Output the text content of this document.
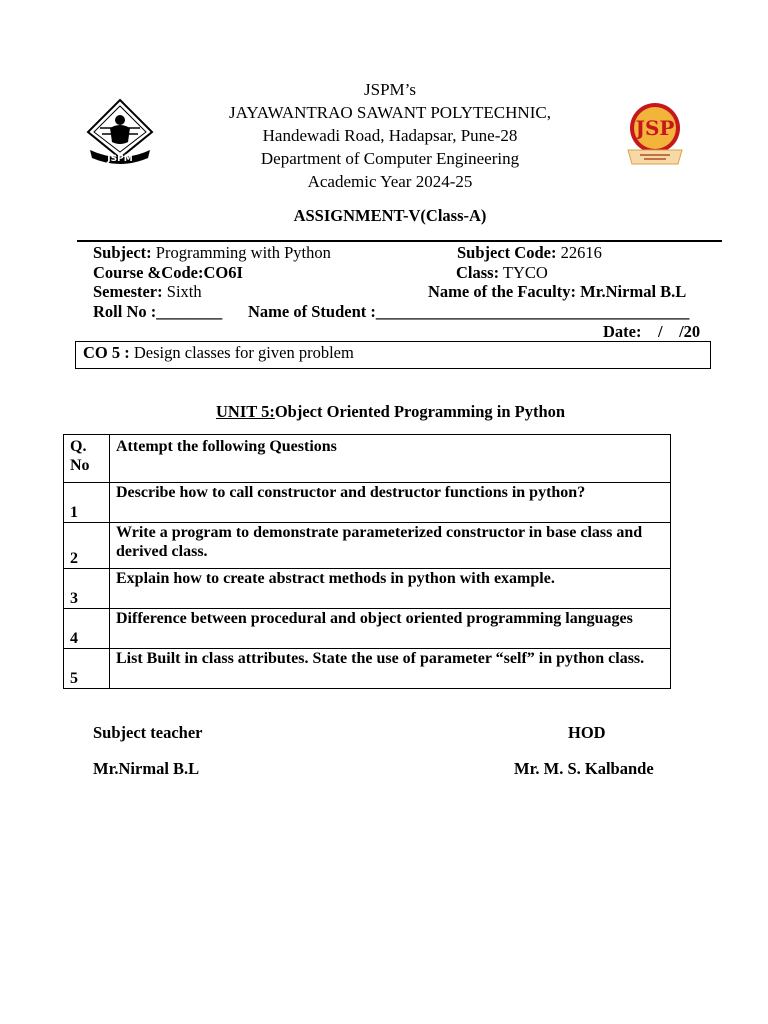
JSPM
JSP
JSPM’s
JAYAWANTRAO SAWANT POLYTECHNIC,
Handewadi Road, Hadapsar, Pune-28
Department of Computer Engineering
Academic Year 2024-25
ASSIGNMENT-V(Class-A)
Subject: Programming with Python	Subject Code: 22616
Course &Code:CO6I	Class: TYCO
Semester: Sixth	Name of the Faculty: Mr.Nirmal B.L
Roll No :________ Name of Student :______________________________________
Date:    /    /20
CO 5 : Design classes for given problem
UNIT 5:Object Oriented Programming in Python
Q. No	Attempt the following Questions
1	Describe how to call constructor and destructor functions in python?
2	Write a program to demonstrate parameterized constructor in base class and derived class.
3	Explain how to create abstract methods in python with example.
4	Difference between procedural and object oriented programming languages
5	List Built in class attributes. State the use of parameter “self” in python class.
Subject teacher	HOD
Mr.Nirmal B.L	Mr. M. S. Kalbande
